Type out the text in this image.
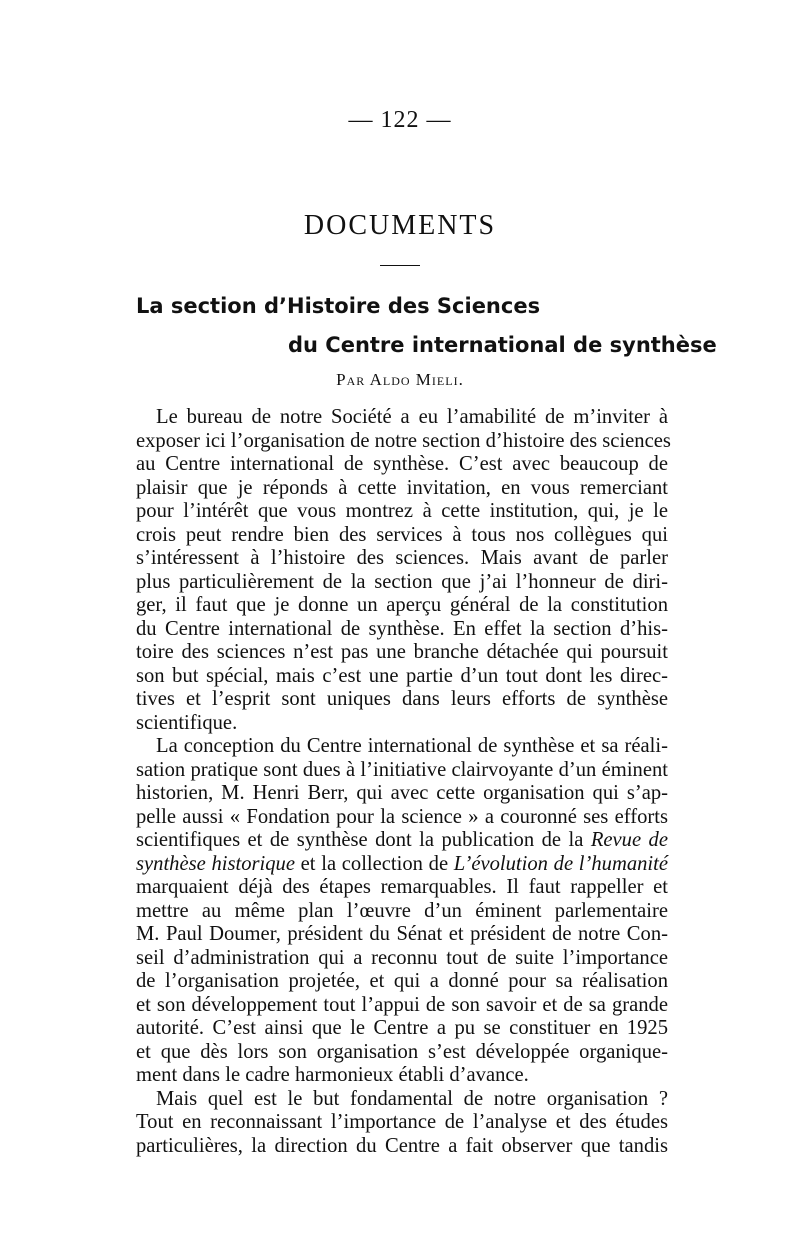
— 122 —
DOCUMENTS
La section d’Histoire des Sciences
du Centre international de synthèse
Par Aldo Mieli.
Le bureau de notre Société a eu l’amabilité de m’inviter à
exposer ici l’organisation de notre section d’histoire des sciences
au Centre international de synthèse. C’est avec beaucoup de
plaisir que je réponds à cette invitation, en vous remerciant
pour l’intérêt que vous montrez à cette institution, qui, je le
crois peut rendre bien des services à tous nos collègues qui
s’intéressent à l’histoire des sciences. Mais avant de parler
plus particulièrement de la section que j’ai l’honneur de diri-
ger, il faut que je donne un aperçu général de la constitution
du Centre international de synthèse. En effet la section d’his-
toire des sciences n’est pas une branche détachée qui poursuit
son but spécial, mais c’est une partie d’un tout dont les direc-
tives et l’esprit sont uniques dans leurs efforts de synthèse
scientifique.
La conception du Centre international de synthèse et sa réali-
sation pratique sont dues à l’initiative clairvoyante d’un éminent
historien, M. Henri Berr, qui avec cette organisation qui s’ap-
pelle aussi « Fondation pour la science » a couronné ses efforts
scientifiques et de synthèse dont la publication de la Revue de
synthèse historique et la collection de L’évolution de l’humanité
marquaient déjà des étapes remarquables. Il faut rappeller et
mettre au même plan l’œuvre d’un éminent parlementaire
M. Paul Doumer, président du Sénat et président de notre Con-
seil d’administration qui a reconnu tout de suite l’importance
de l’organisation projetée, et qui a donné pour sa réalisation
et son développement tout l’appui de son savoir et de sa grande
autorité. C’est ainsi que le Centre a pu se constituer en 1925
et que dès lors son organisation s’est développée organique-
ment dans le cadre harmonieux établi d’avance.
Mais quel est le but fondamental de notre organisation ?
Tout en reconnaissant l’importance de l’analyse et des études
particulières, la direction du Centre a fait observer que tandis
